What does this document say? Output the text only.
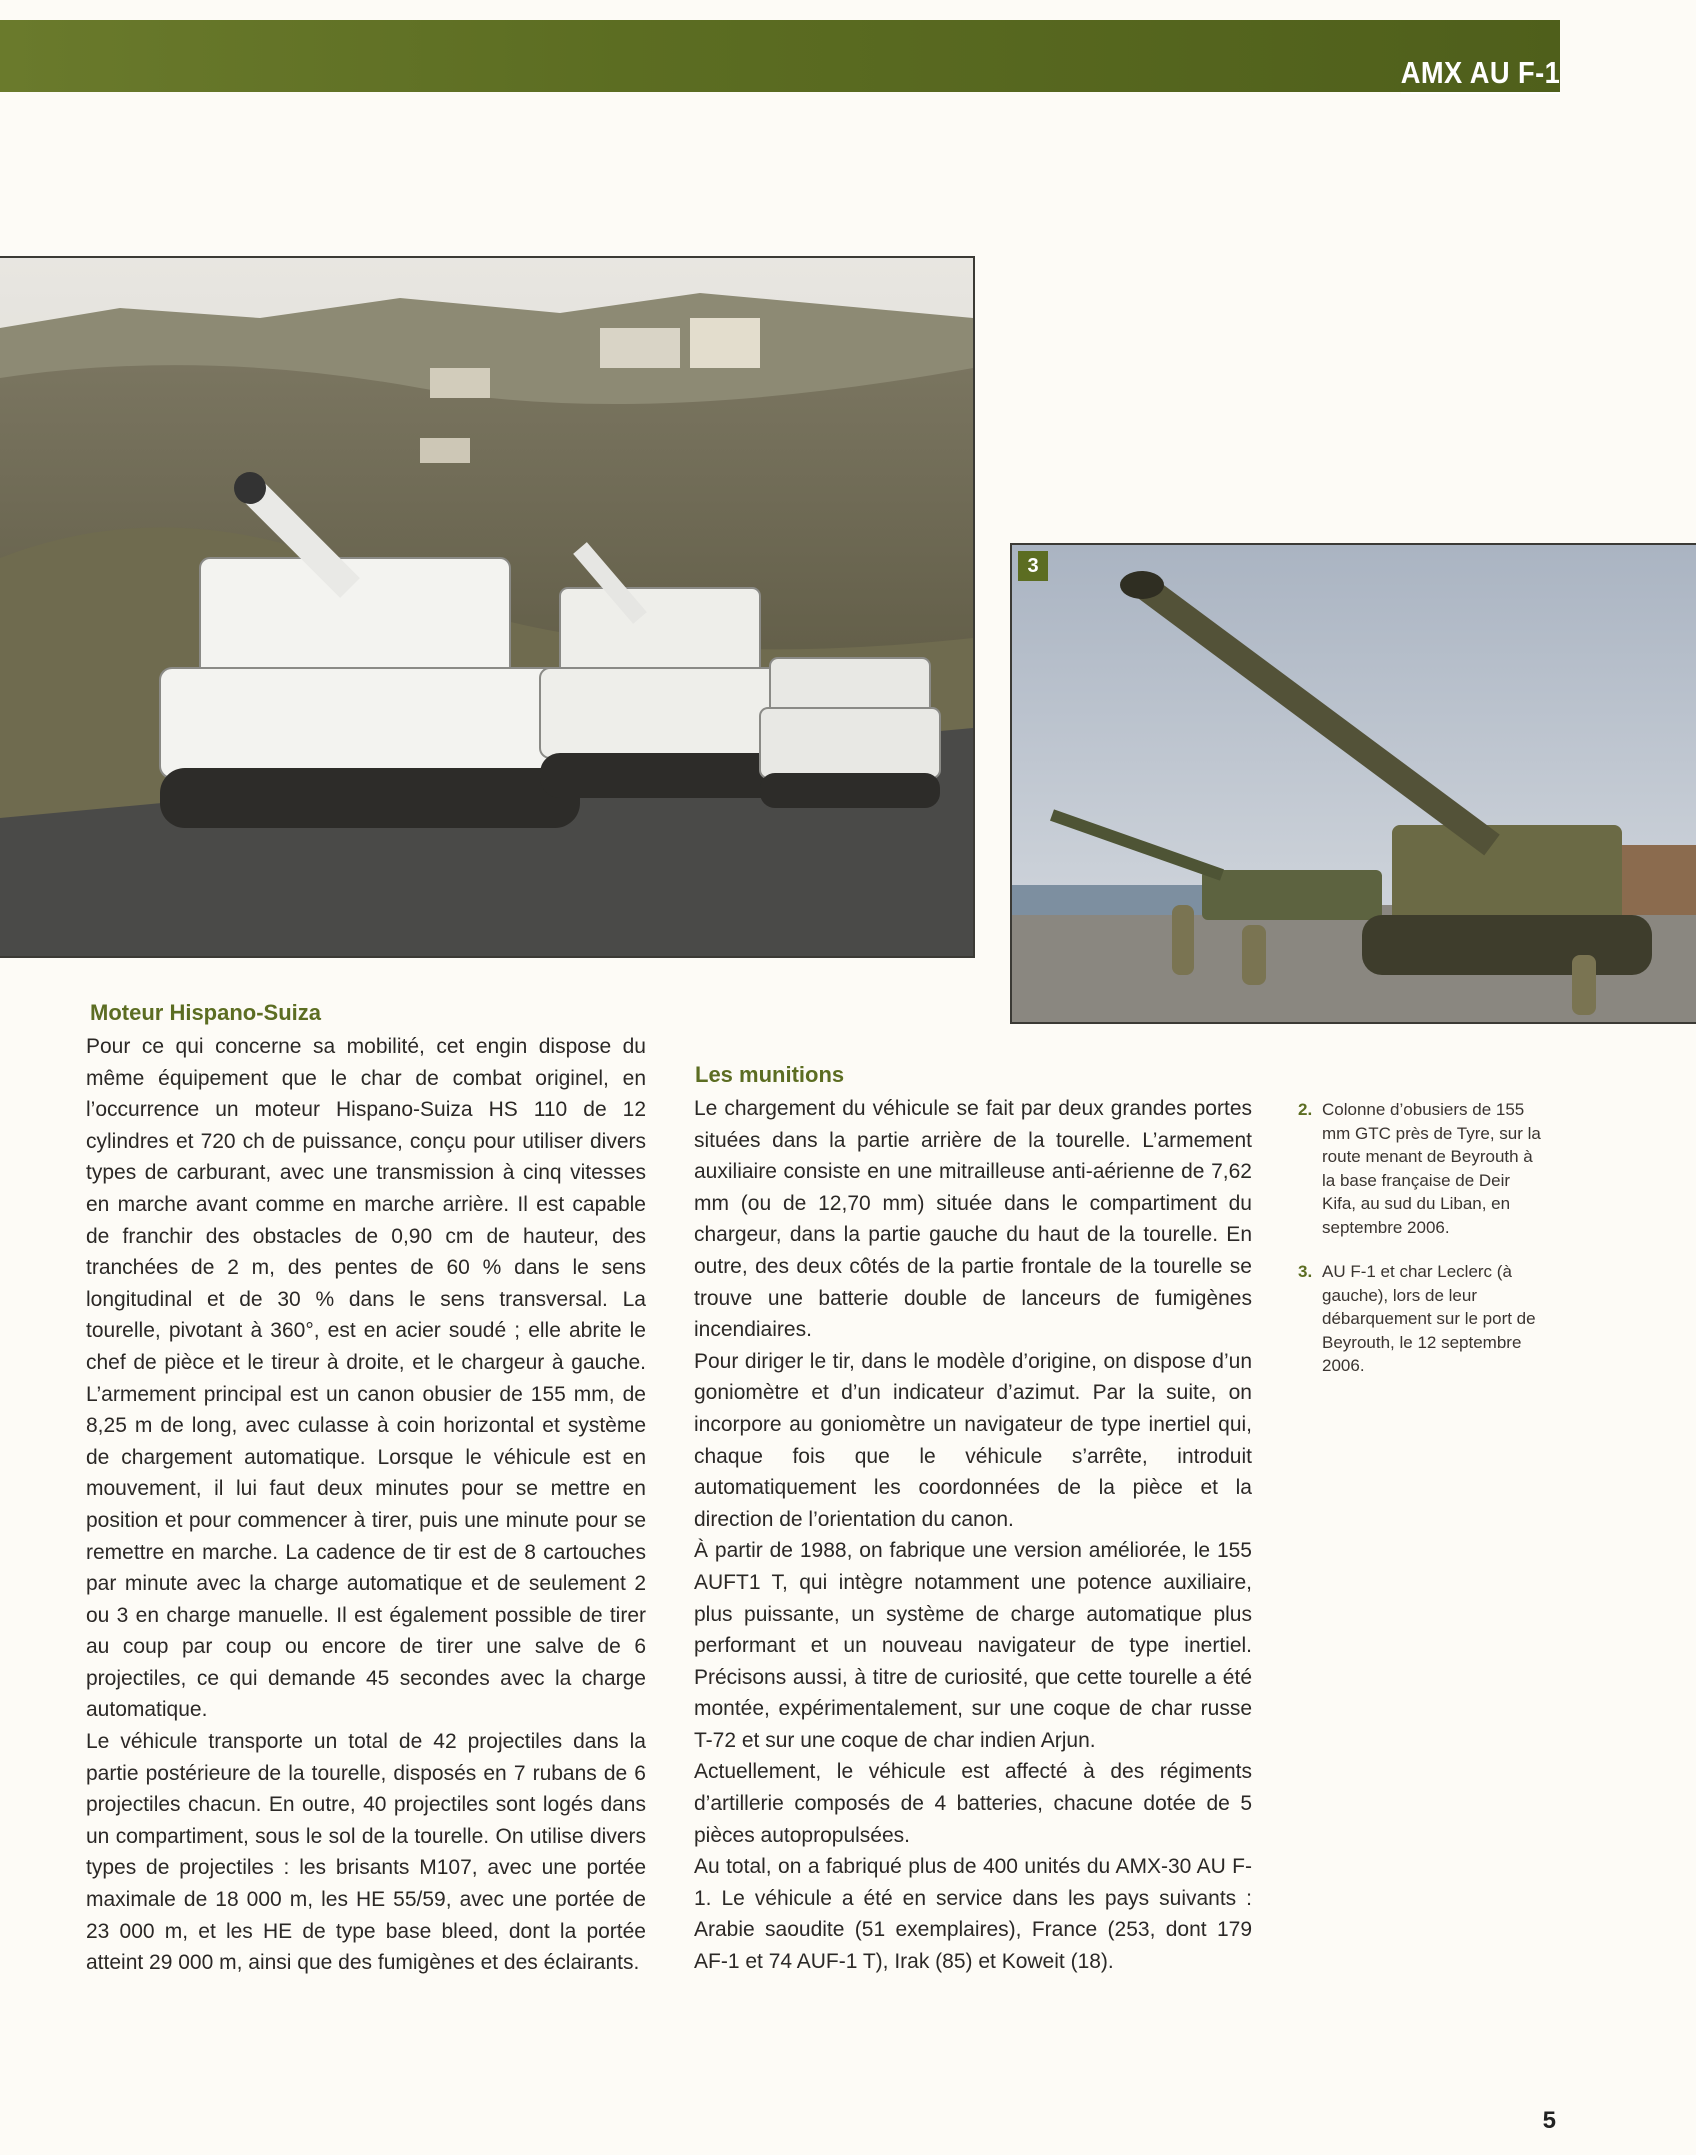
AMX AU F-1
3
Moteur Hispano-Suiza

Pour ce qui concerne sa mobilité, cet engin dispose du même équipement que le char de combat originel, en l’occurrence un moteur Hispano-Suiza HS 110 de 12 cylindres et 720 ch de puissance, conçu pour utiliser divers types de carburant, avec une transmission à cinq vitesses en marche avant comme en marche arrière. Il est capable de franchir des obstacles de 0,90 cm de hauteur, des tranchées de 2 m, des pentes de 60 % dans le sens longitudinal et de 30 % dans le sens transversal. La tourelle, pivotant à 360°, est en acier soudé ; elle abrite le chef de pièce et le tireur à droite, et le chargeur à gauche. L’armement principal est un canon obusier de 155 mm, de 8,25 m de long, avec culasse à coin horizontal et système de chargement automatique. Lorsque le véhicule est en mouvement, il lui faut deux minutes pour se mettre en position et pour commencer à tirer, puis une minute pour se remettre en marche. La cadence de tir est de 8 cartouches par minute avec la charge automatique et de seulement 2 ou 3 en charge manuelle. Il est également possible de tirer au coup par coup ou encore de tirer une salve de 6 projectiles, ce qui demande 45 secondes avec la charge automatique.

Le véhicule transporte un total de 42 projectiles dans la partie postérieure de la tourelle, disposés en 7 rubans de 6 projectiles chacun. En outre, 40 projectiles sont logés dans un compartiment, sous le sol de la tourelle. On utilise divers types de projectiles : les brisants M107, avec une portée maximale de 18 000 m, les HE 55/59, avec une portée de 23 000 m, et les HE de type base bleed, dont la portée atteint 29 000 m, ainsi que des fumigènes et des éclairants.

Les munitions

Le chargement du véhicule se fait par deux grandes portes situées dans la partie arrière de la tourelle. L’armement auxiliaire consiste en une mitrailleuse anti-aérienne de 7,62 mm (ou de 12,70 mm) située dans le compartiment du chargeur, dans la partie gauche du haut de la tourelle. En outre, des deux côtés de la partie frontale de la tourelle se trouve une batterie double de lanceurs de fumigènes incendiaires.

Pour diriger le tir, dans le modèle d’origine, on dispose d’un goniomètre et d’un indicateur d’azimut. Par la suite, on incorpore au goniomètre un navigateur de type inertiel qui, chaque fois que le véhicule s’arrête, introduit automatiquement les coordonnées de la pièce et la direction de l’orientation du canon.

À partir de 1988, on fabrique une version améliorée, le 155 AUFT1 T, qui intègre notamment une potence auxiliaire, plus puissante, un système de charge automatique plus performant et un nouveau navigateur de type inertiel. Précisons aussi, à titre de curiosité, que cette tourelle a été montée, expérimentalement, sur une coque de char russe T-72 et sur une coque de char indien Arjun.

Actuellement, le véhicule est affecté à des régiments d’artillerie composés de 4 batteries, chacune dotée de 5 pièces autopropulsées.

Au total, on a fabriqué plus de 400 unités du AMX-30 AU F-1. Le véhicule a été en service dans les pays suivants : Arabie saoudite (51 exemplaires), France (253, dont 179 AF-1 et 74 AUF-1 T), Irak (85) et Koweit (18).

2. Colonne d’obusiers de 155 mm GTC près de Tyre, sur la route menant de Beyrouth à la base française de Deir Kifa, au sud du Liban, en septembre 2006.
3. AU F-1 et char Leclerc (à gauche), lors de leur débarquement sur le port de Beyrouth, le 12 septembre 2006.
5
